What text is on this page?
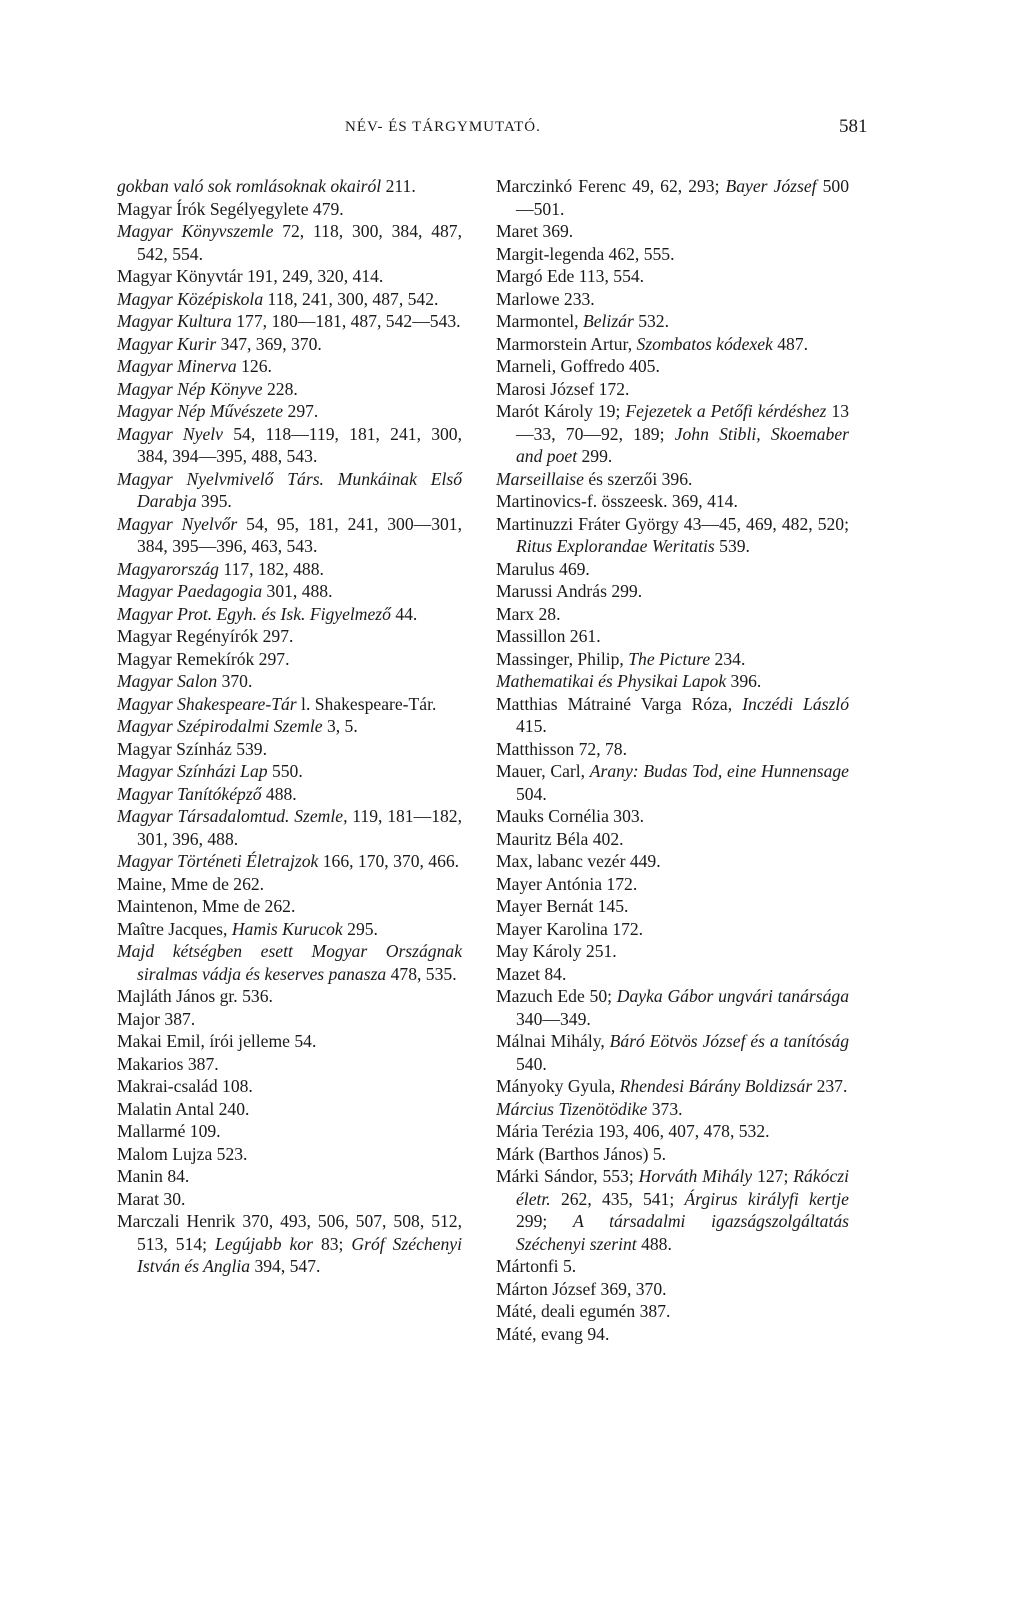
NÉV- ÉS TÁRGYMUTATÓ.	581

gokban való sok romlásoknak okairól 211.

Magyar Írók Segélyegylete 479.

Magyar Könyvszemle 72, 118, 300, 384, 487, 542, 554.

Magyar Könyvtár 191, 249, 320, 414.

Magyar Középiskola 118, 241, 300, 487, 542.

Magyar Kultura 177, 180—181, 487, 542—543.

Magyar Kurir 347, 369, 370.

Magyar Minerva 126.

Magyar Nép Könyve 228.

Magyar Nép Művészete 297.

Magyar Nyelv 54, 118—119, 181, 241, 300, 384, 394—395, 488, 543.

Magyar Nyelvmivelő Társ. Munkáinak Első Darabja 395.

Magyar Nyelvőr 54, 95, 181, 241, 300—301, 384, 395—396, 463, 543.

Magyarország 117, 182, 488.

Magyar Paedagogia 301, 488.

Magyar Prot. Egyh. és Isk. Figyelmező 44.

Magyar Regényírók 297.

Magyar Remekírók 297.

Magyar Salon 370.

Magyar Shakespeare-Tár l. Shakespeare-Tár.

Magyar Szépirodalmi Szemle 3, 5.

Magyar Színház 539.

Magyar Színházi Lap 550.

Magyar Tanítóképző 488.

Magyar Társadalomtud. Szemle, 119, 181—182, 301, 396, 488.

Magyar Történeti Életrajzok 166, 170, 370, 466.

Maine, Mme de 262.

Maintenon, Mme de 262.

Maître Jacques, Hamis Kurucok 295.

Majd kétségben esett Mogyar Országnak siralmas vádja és keserves panasza 478, 535.

Majláth János gr. 536.

Major 387.

Makai Emil, írói jelleme 54.

Makarios 387.

Makrai-család 108.

Malatin Antal 240.

Mallarmé 109.

Malom Lujza 523.

Manin 84.

Marat 30.

Marczali Henrik 370, 493, 506, 507, 508, 512, 513, 514; Legújabb kor 83; Gróf Széchenyi István és Anglia 394, 547.

Marczinkó Ferenc 49, 62, 293; Bayer József 500—501.

Maret 369.

Margit-legenda 462, 555.

Margó Ede 113, 554.

Marlowe 233.

Marmontel, Belizár 532.

Marmorstein Artur, Szombatos kódexek 487.

Marneli, Goffredo 405.

Marosi József 172.

Marót Károly 19; Fejezetek a Petőfi kérdéshez 13—33, 70—92, 189; John Stibli, Skoemaber and poet 299.

Marseillaise és szerzői 396.

Martinovics-f. összeesk. 369, 414.

Martinuzzi Fráter György 43—45, 469, 482, 520; Ritus Explorandae Weritatis 539.

Marulus 469.

Marussi András 299.

Marx 28.

Massillon 261.

Massinger, Philip, The Picture 234.

Mathematikai és Physikai Lapok 396.

Matthias Mátrainé Varga Róza, Inczédi László 415.

Matthisson 72, 78.

Mauer, Carl, Arany: Budas Tod, eine Hunnensage 504.

Mauks Cornélia 303.

Mauritz Béla 402.

Max, labanc vezér 449.

Mayer Antónia 172.

Mayer Bernát 145.

Mayer Karolina 172.

May Károly 251.

Mazet 84.

Mazuch Ede 50; Dayka Gábor ungvári tanársága 340—349.

Málnai Mihály, Báró Eötvös József és a tanítóság 540.

Mányoky Gyula, Rhendesi Bárány Boldizsár 237.

Március Tizenötödike 373.

Mária Terézia 193, 406, 407, 478, 532.

Márk (Barthos János) 5.

Márki Sándor, 553; Horváth Mihály 127; Rákóczi életr. 262, 435, 541; Árgirus királyfi kertje 299; A társadalmi igazságszolgáltatás Széchenyi szerint 488.

Mártonfi 5.

Márton József 369, 370.

Máté, deali egumén 387.

Máté, evang 94.
